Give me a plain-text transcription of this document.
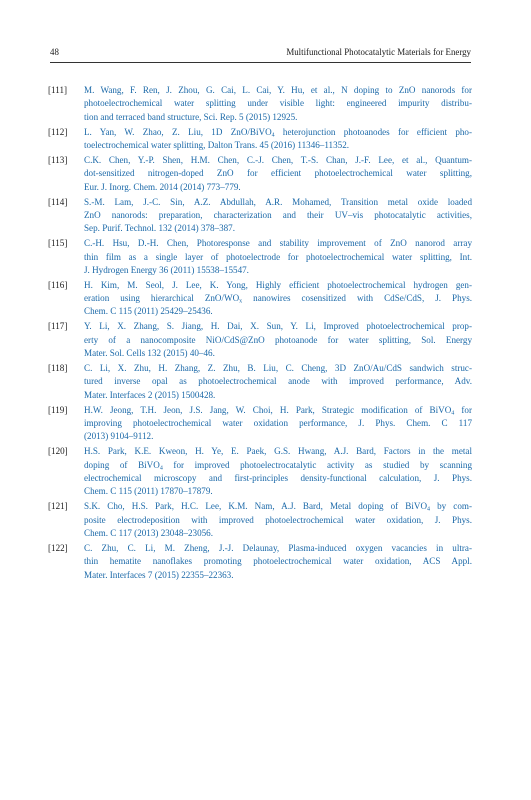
48	Multifunctional Photocatalytic Materials for Energy
[111]	M. Wang, F. Ren, J. Zhou, G. Cai, L. Cai, Y. Hu, et al., N doping to ZnO nanorods for
photoelectrochemical water splitting under visible light: engineered impurity distribu-
tion and terraced band structure, Sci. Rep. 5 (2015) 12925.
[112]	L. Yan, W. Zhao, Z. Liu, 1D ZnO/BiVO$_4$ heterojunction photoanodes for efficient pho-
toelectrochemical water splitting, Dalton Trans. 45 (2016) 11346–11352.
[113]	C.K. Chen, Y.-P. Shen, H.M. Chen, C.-J. Chen, T.-S. Chan, J.-F. Lee, et al., Quantum-
dot-sensitized nitrogen-doped ZnO for efficient photoelectrochemical water splitting,
Eur. J. Inorg. Chem. 2014 (2014) 773–779.
[114]	S.-M. Lam, J.-C. Sin, A.Z. Abdullah, A.R. Mohamed, Transition metal oxide loaded
ZnO nanorods: preparation, characterization and their UV–vis photocatalytic activities,
Sep. Purif. Technol. 132 (2014) 378–387.
[115]	C.-H. Hsu, D.-H. Chen, Photoresponse and stability improvement of ZnO nanorod array
thin film as a single layer of photoelectrode for photoelectrochemical water splitting, Int.
J. Hydrogen Energy 36 (2011) 15538–15547.
[116]	H. Kim, M. Seol, J. Lee, K. Yong, Highly efficient photoelectrochemical hydrogen gen-
eration using hierarchical ZnO/$WO_x$ nanowires cosensitized with CdSe/CdS, J. Phys.
Chem. C 115 (2011) 25429–25436.
[117]	Y. Li, X. Zhang, S. Jiang, H. Dai, X. Sun, Y. Li, Improved photoelectrochemical prop-
erty of a nanocomposite NiO/CdS@ZnO photoanode for water splitting, Sol. Energy
Mater. Sol. Cells 132 (2015) 40–46.
[118]	C. Li, X. Zhu, H. Zhang, Z. Zhu, B. Liu, C. Cheng, 3D ZnO/Au/CdS sandwich struc-
tured inverse opal as photoelectrochemical anode with improved performance, Adv.
Mater. Interfaces 2 (2015) 1500428.
[119]	H.W. Jeong, T.H. Jeon, J.S. Jang, W. Choi, H. Park, Strategic modification of BiVO$_4$ for
improving photoelectrochemical water oxidation performance, J. Phys. Chem. C 117
(2013) 9104–9112.
[120]	H.S. Park, K.E. Kweon, H. Ye, E. Paek, G.S. Hwang, A.J. Bard, Factors in the metal
doping of BiVO$_4$ for improved photoelectrocatalytic activity as studied by scanning
electrochemical microscopy and first-principles density-functional calculation, J. Phys.
Chem. C 115 (2011) 17870–17879.
[121]	S.K. Cho, H.S. Park, H.C. Lee, K.M. Nam, A.J. Bard, Metal doping of BiVO$_4$ by com-
posite electrodeposition with improved photoelectrochemical water oxidation, J. Phys.
Chem. C 117 (2013) 23048–23056.
[122]	C. Zhu, C. Li, M. Zheng, J.-J. Delaunay, Plasma-induced oxygen vacancies in ultra-
thin hematite nanoflakes promoting photoelectrochemical water oxidation, ACS Appl.
Mater. Interfaces 7 (2015) 22355–22363.
